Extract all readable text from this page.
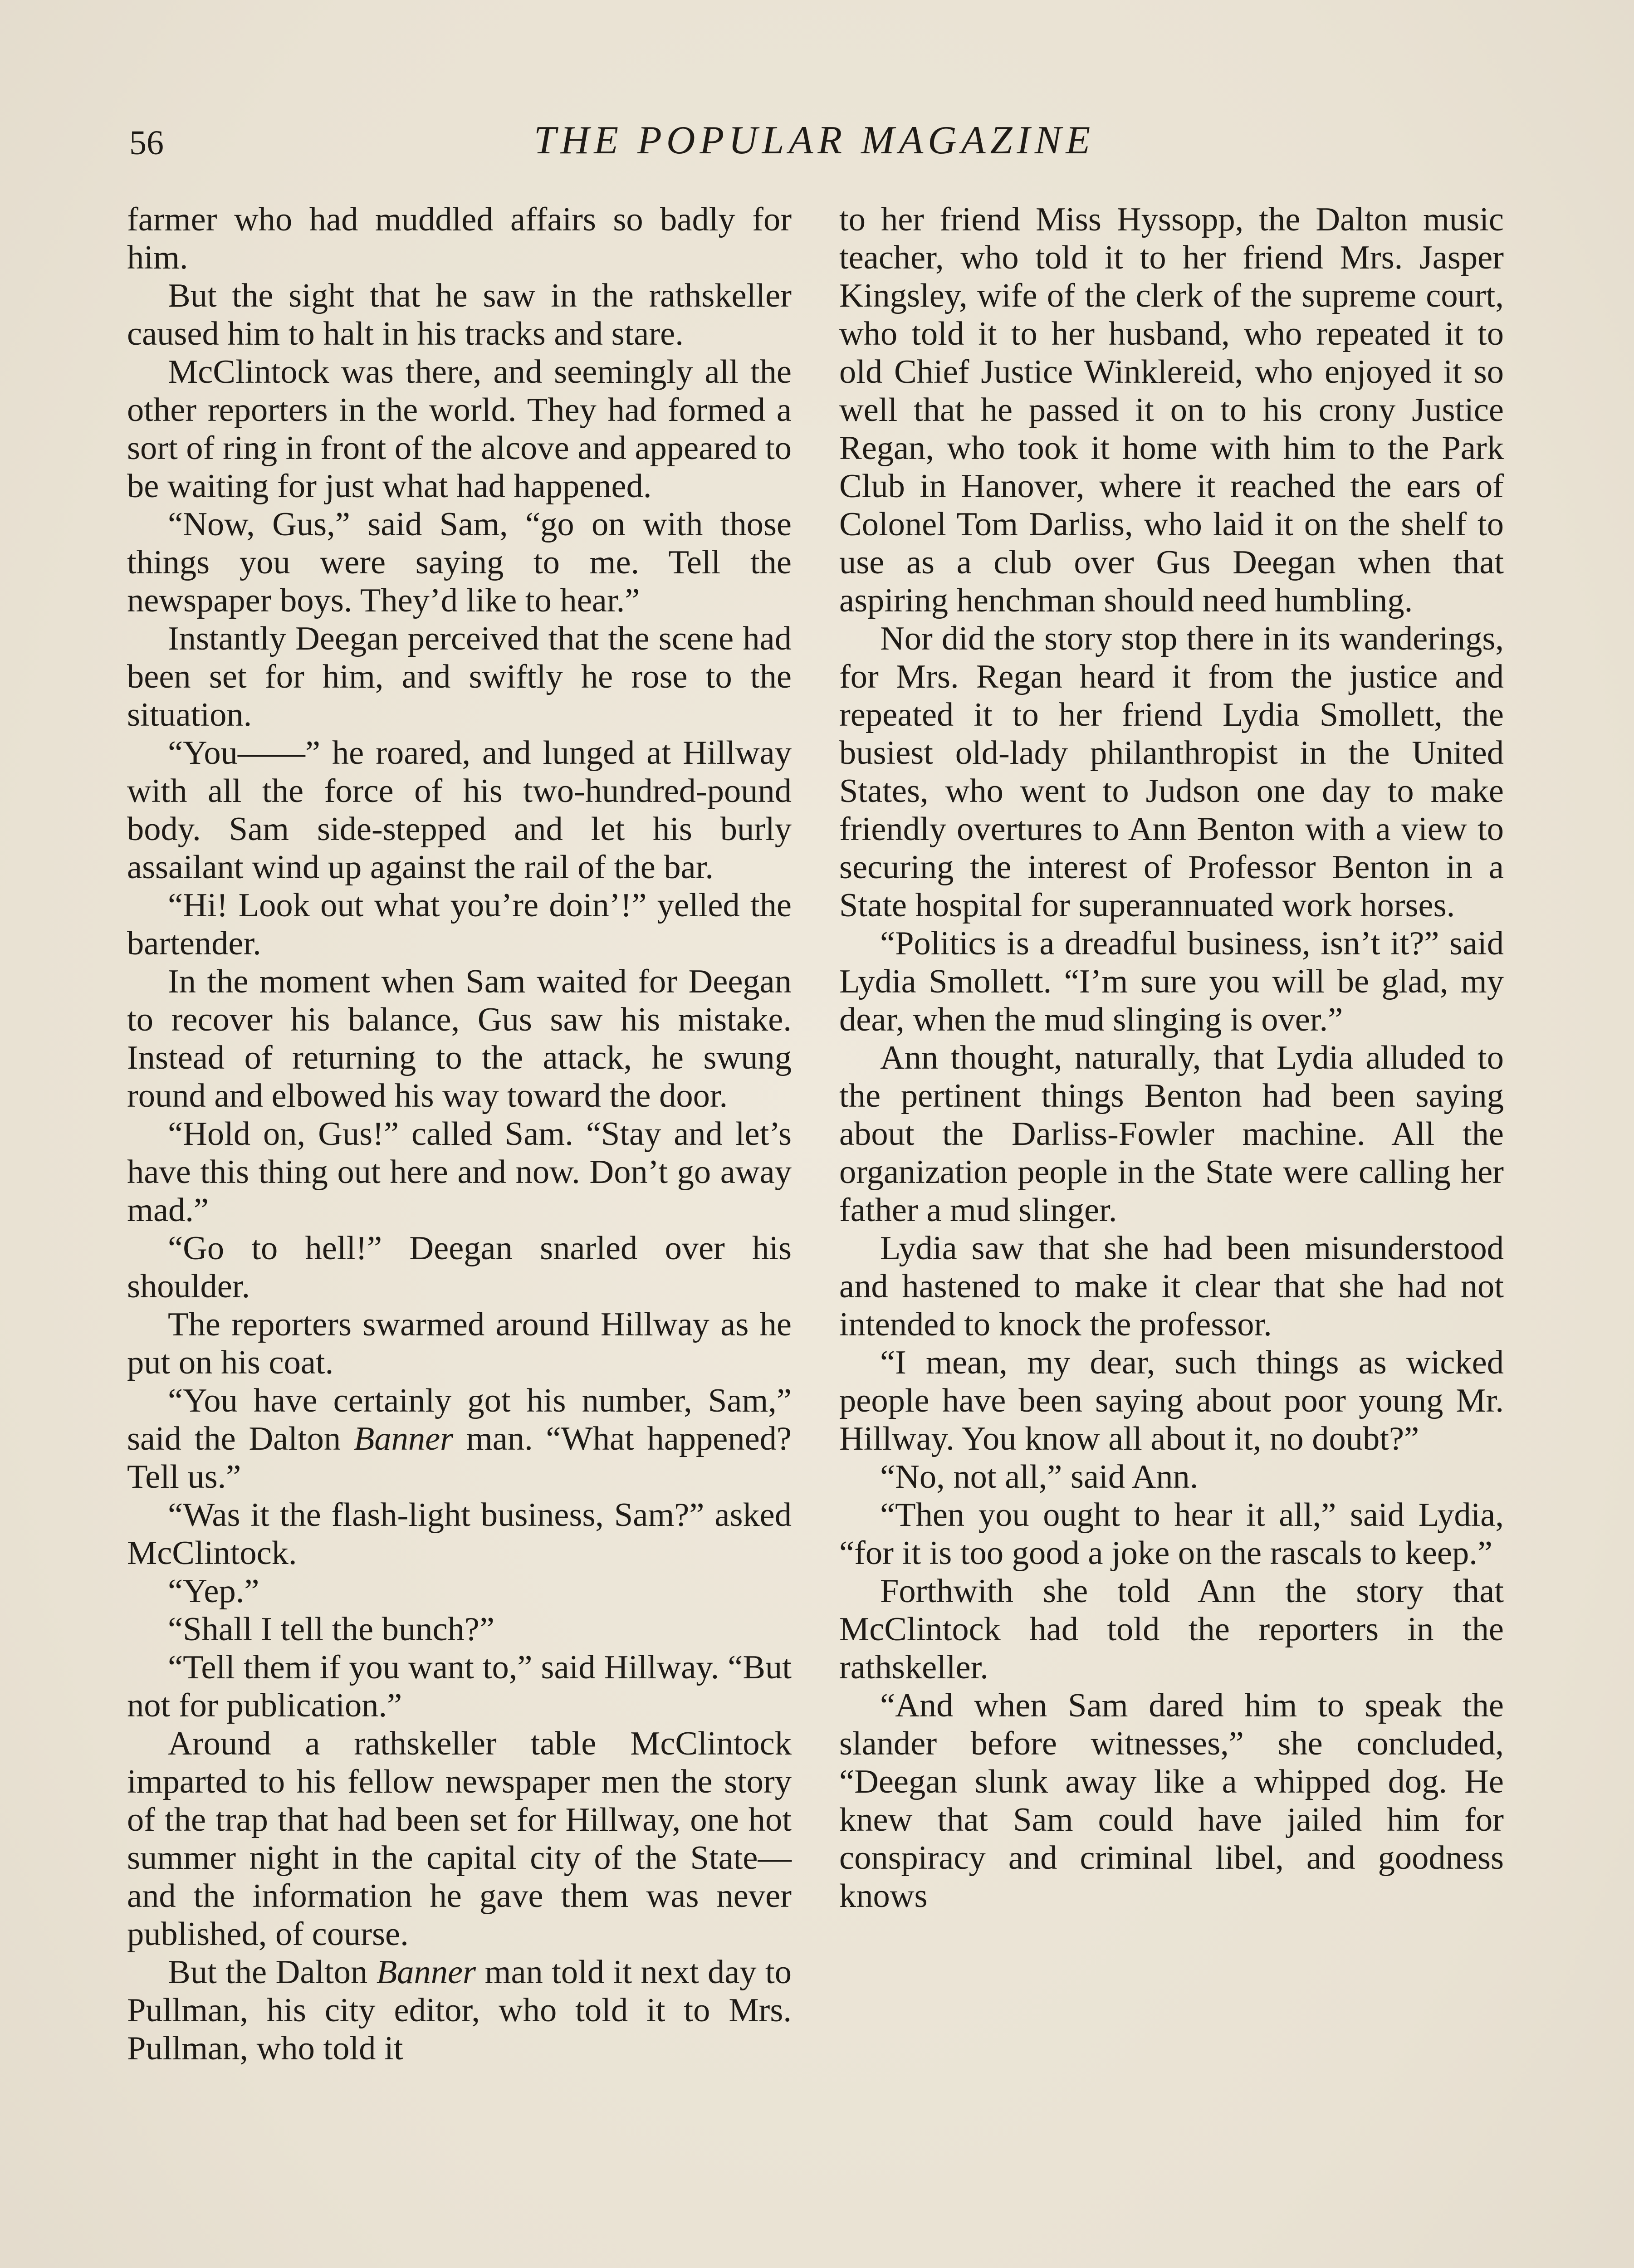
56	THE POPULAR MAGAZINE

farmer who had muddled affairs so badly for him.

But the sight that he saw in the rathskeller caused him to halt in his tracks and stare.

McClintock was there, and seemingly all the other reporters in the world. They had formed a sort of ring in front of the alcove and appeared to be waiting for just what had happened.

“Now, Gus,” said Sam, “go on with those things you were saying to me. Tell the newspaper boys. They’d like to hear.”

Instantly Deegan perceived that the scene had been set for him, and swiftly he rose to the situation.

“You——” he roared, and lunged at Hillway with all the force of his two-hundred-pound body. Sam side-stepped and let his burly assailant wind up against the rail of the bar.

“Hi! Look out what you’re doin’!” yelled the bartender.

In the moment when Sam waited for Deegan to recover his balance, Gus saw his mistake. Instead of returning to the attack, he swung round and elbowed his way toward the door.

“Hold on, Gus!” called Sam. “Stay and let’s have this thing out here and now. Don’t go away mad.”

“Go to hell!” Deegan snarled over his shoulder.

The reporters swarmed around Hillway as he put on his coat.

“You have certainly got his number, Sam,” said the Dalton Banner man. “What happened? Tell us.”

“Was it the flash-light business, Sam?” asked McClintock.

“Yep.”

“Shall I tell the bunch?”

“Tell them if you want to,” said Hillway. “But not for publication.”

Around a rathskeller table McClintock imparted to his fellow newspaper men the story of the trap that had been set for Hillway, one hot summer night in the capital city of the State—and the information he gave them was never published, of course.

But the Dalton Banner man told it next day to Pullman, his city editor, who told it to Mrs. Pullman, who told it

to her friend Miss Hyssopp, the Dalton music teacher, who told it to her friend Mrs. Jasper Kingsley, wife of the clerk of the supreme court, who told it to her husband, who repeated it to old Chief Justice Winklereid, who enjoyed it so well that he passed it on to his crony Justice Regan, who took it home with him to the Park Club in Hanover, where it reached the ears of Colonel Tom Darliss, who laid it on the shelf to use as a club over Gus Deegan when that aspiring henchman should need humbling.

Nor did the story stop there in its wanderings, for Mrs. Regan heard it from the justice and repeated it to her friend Lydia Smollett, the busiest old-lady philanthropist in the United States, who went to Judson one day to make friendly overtures to Ann Benton with a view to securing the interest of Professor Benton in a State hospital for superannuated work horses.

“Politics is a dreadful business, isn’t it?” said Lydia Smollett. “I’m sure you will be glad, my dear, when the mud slinging is over.”

Ann thought, naturally, that Lydia alluded to the pertinent things Benton had been saying about the Darliss-Fowler machine. All the organization people in the State were calling her father a mud slinger.

Lydia saw that she had been misunderstood and hastened to make it clear that she had not intended to knock the professor.

“I mean, my dear, such things as wicked people have been saying about poor young Mr. Hillway. You know all about it, no doubt?”

“No, not all,” said Ann.

“Then you ought to hear it all,” said Lydia, “for it is too good a joke on the rascals to keep.”

Forthwith she told Ann the story that McClintock had told the reporters in the rathskeller.

“And when Sam dared him to speak the slander before witnesses,” she concluded, “Deegan slunk away like a whipped dog. He knew that Sam could have jailed him for conspiracy and criminal libel, and goodness knows
